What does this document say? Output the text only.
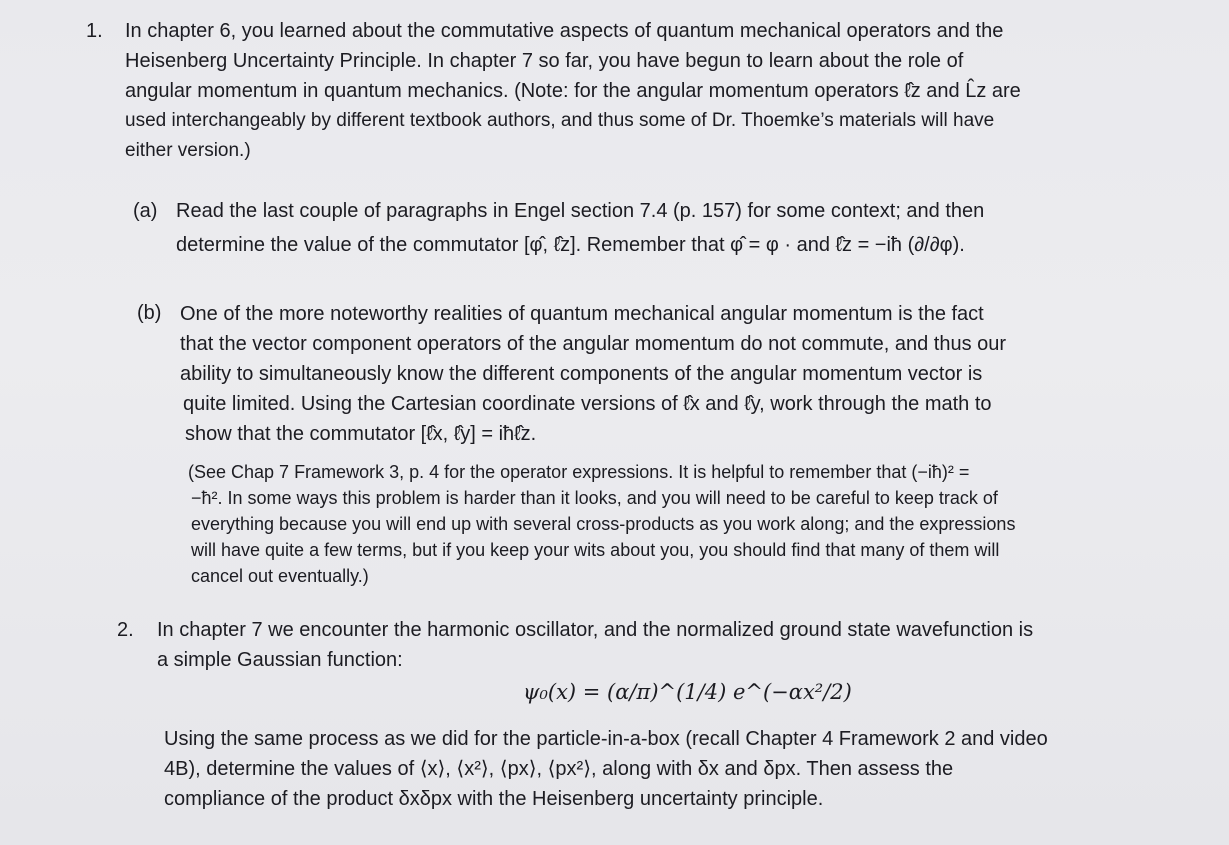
1. In chapter 6, you learned about the commutative aspects of quantum mechanical operators and the
Heisenberg Uncertainty Principle. In chapter 7 so far, you have begun to learn about the role of
angular momentum in quantum mechanics. (Note: for the angular momentum operators ℓ̂z and L̂z are
used interchangeably by different textbook authors, and thus some of Dr. Thoemke’s materials will have
either version.)
(a) Read the last couple of paragraphs in Engel section 7.4 (p. 157) for some context; and then
determine the value of the commutator [φ̂, ℓ̂z]. Remember that φ̂ = φ · and ℓ̂z = −iħ (∂/∂φ).
(b) One of the more noteworthy realities of quantum mechanical angular momentum is the fact
that the vector component operators of the angular momentum do not commute, and thus our
ability to simultaneously know the different components of the angular momentum vector is
quite limited. Using the Cartesian coordinate versions of ℓ̂x and ℓ̂y, work through the math to
show that the commutator [ℓ̂x, ℓ̂y] = iħℓ̂z.
(See Chap 7 Framework 3, p. 4 for the operator expressions. It is helpful to remember that (−iħ)² =
−ħ². In some ways this problem is harder than it looks, and you will need to be careful to keep track of
everything because you will end up with several cross-products as you work along; and the expressions
will have quite a few terms, but if you keep your wits about you, you should find that many of them will
cancel out eventually.)
2. In chapter 7 we encounter the harmonic oscillator, and the normalized ground state wavefunction is
a simple Gaussian function:
ψ₀(x) = (α/π)^(1/4) e^(−αx²/2)
Using the same process as we did for the particle-in-a-box (recall Chapter 4 Framework 2 and video
4B), determine the values of ⟨x⟩, ⟨x²⟩, ⟨px⟩, ⟨px²⟩, along with δx and δpx. Then assess the
compliance of the product δxδpx with the Heisenberg uncertainty principle.
